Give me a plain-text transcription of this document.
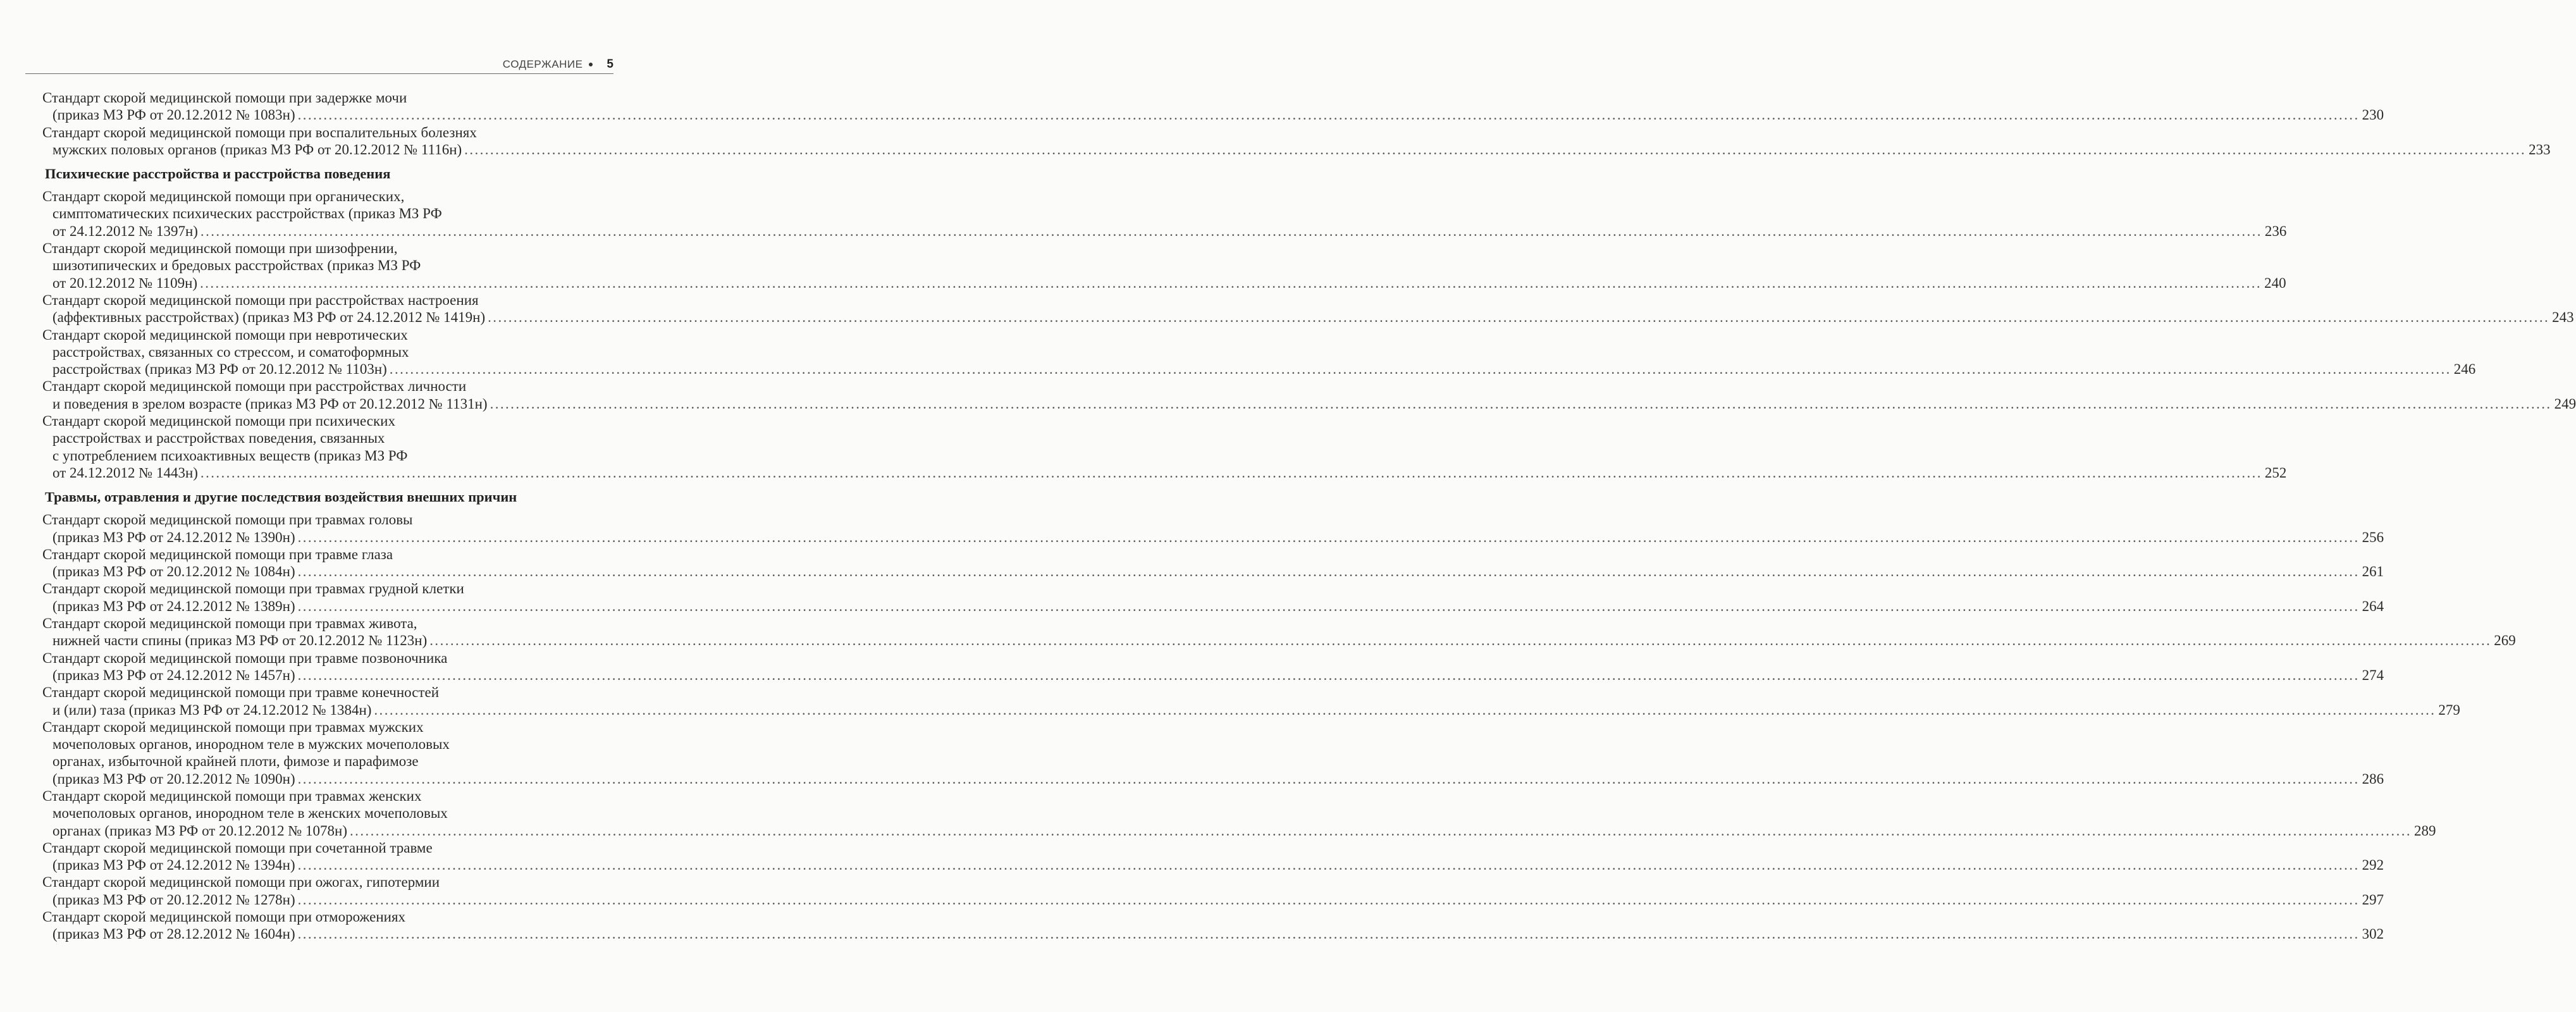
СОДЕРЖАНИЕ 5
Стандарт скорой медицинской помощи при задержке мочи
(приказ МЗ РФ от 20.12.2012 № 1083н) ................................................................................................................................................................................................................................................................................................................................................................................................................ 230
Стандарт скорой медицинской помощи при воспалительных болезнях
мужских половых органов (приказ МЗ РФ от 20.12.2012 № 1116н) ................................................................................................................................................................................................................................................................................................................................................................................................................ 233
Психические расстройства и расстройства поведения
Стандарт скорой медицинской помощи при органических,
симптоматических психических расстройствах (приказ МЗ РФ
от 24.12.2012 № 1397н) ................................................................................................................................................................................................................................................................................................................................................................................................................ 236
Стандарт скорой медицинской помощи при шизофрении,
шизотипических и бредовых расстройствах (приказ МЗ РФ
от 20.12.2012 № 1109н) ................................................................................................................................................................................................................................................................................................................................................................................................................ 240
Стандарт скорой медицинской помощи при расстройствах настроения
(аффективных расстройствах) (приказ МЗ РФ от 24.12.2012 № 1419н) ................................................................................................................................................................................................................................................................................................................................................................................................................ 243
Стандарт скорой медицинской помощи при невротических
расстройствах, связанных со стрессом, и соматоформных
расстройствах (приказ МЗ РФ от 20.12.2012 № 1103н) ................................................................................................................................................................................................................................................................................................................................................................................................................ 246
Стандарт скорой медицинской помощи при расстройствах личности
и поведения в зрелом возрасте (приказ МЗ РФ от 20.12.2012 № 1131н) ................................................................................................................................................................................................................................................................................................................................................................................................................ 249
Стандарт скорой медицинской помощи при психических
расстройствах и расстройствах поведения, связанных
с употреблением психоактивных веществ (приказ МЗ РФ
от 24.12.2012 № 1443н) ................................................................................................................................................................................................................................................................................................................................................................................................................ 252
Травмы, отравления и другие последствия воздействия внешних причин
Стандарт скорой медицинской помощи при травмах головы
(приказ МЗ РФ от 24.12.2012 № 1390н) ................................................................................................................................................................................................................................................................................................................................................................................................................ 256
Стандарт скорой медицинской помощи при травме глаза
(приказ МЗ РФ от 20.12.2012 № 1084н) ................................................................................................................................................................................................................................................................................................................................................................................................................ 261
Стандарт скорой медицинской помощи при травмах грудной клетки
(приказ МЗ РФ от 24.12.2012 № 1389н) ................................................................................................................................................................................................................................................................................................................................................................................................................ 264
Стандарт скорой медицинской помощи при травмах живота,
нижней части спины (приказ МЗ РФ от 20.12.2012 № 1123н) ................................................................................................................................................................................................................................................................................................................................................................................................................ 269
Стандарт скорой медицинской помощи при травме позвоночника
(приказ МЗ РФ от 24.12.2012 № 1457н) ................................................................................................................................................................................................................................................................................................................................................................................................................ 274
Стандарт скорой медицинской помощи при травме конечностей
и (или) таза (приказ МЗ РФ от 24.12.2012 № 1384н) ................................................................................................................................................................................................................................................................................................................................................................................................................ 279
Стандарт скорой медицинской помощи при травмах мужских
мочеполовых органов, инородном теле в мужских мочеполовых
органах, избыточной крайней плоти, фимозе и парафимозе
(приказ МЗ РФ от 20.12.2012 № 1090н) ................................................................................................................................................................................................................................................................................................................................................................................................................ 286
Стандарт скорой медицинской помощи при травмах женских
мочеполовых органов, инородном теле в женских мочеполовых
органах (приказ МЗ РФ от 20.12.2012 № 1078н) ................................................................................................................................................................................................................................................................................................................................................................................................................ 289
Стандарт скорой медицинской помощи при сочетанной травме
(приказ МЗ РФ от 24.12.2012 № 1394н) ................................................................................................................................................................................................................................................................................................................................................................................................................ 292
Стандарт скорой медицинской помощи при ожогах, гипотермии
(приказ МЗ РФ от 20.12.2012 № 1278н) ................................................................................................................................................................................................................................................................................................................................................................................................................ 297
Стандарт скорой медицинской помощи при отморожениях
(приказ МЗ РФ от 28.12.2012 № 1604н) ................................................................................................................................................................................................................................................................................................................................................................................................................ 302
